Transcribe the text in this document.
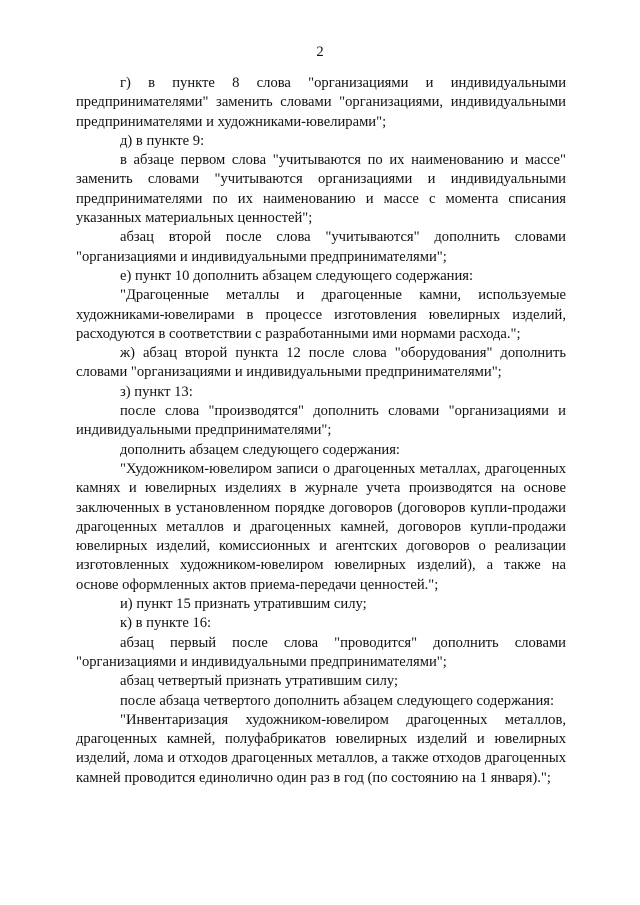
2

г) в пункте 8 слова "организациями и индивидуальными предпринимателями" заменить словами "организациями, индивидуальными предпринимателями и художниками-ювелирами";

д) в пункте 9:

в абзаце первом слова "учитываются по их наименованию и массе" заменить словами "учитываются организациями и индивидуальными предпринимателями по их наименованию и массе с момента списания указанных материальных ценностей";

абзац второй после слова "учитываются" дополнить словами "организациями и индивидуальными предпринимателями";

е) пункт 10 дополнить абзацем следующего содержания:

"Драгоценные металлы и драгоценные камни, используемые художниками-ювелирами в процессе изготовления ювелирных изделий, расходуются в соответствии с разработанными ими нормами расхода.";

ж) абзац второй пункта 12 после слова "оборудования" дополнить словами "организациями и индивидуальными предпринимателями";

з) пункт 13:

после слова "производятся" дополнить словами "организациями и индивидуальными предпринимателями";

дополнить абзацем следующего содержания:

"Художником-ювелиром записи о драгоценных металлах, драгоценных камнях и ювелирных изделиях в журнале учета производятся на основе заключенных в установленном порядке договоров (договоров купли-продажи драгоценных металлов и драгоценных камней, договоров купли-продажи ювелирных изделий, комиссионных и агентских договоров о реализации изготовленных художником-ювелиром ювелирных изделий), а также на основе оформленных актов приема-передачи ценностей.";

и) пункт 15 признать утратившим силу;

к) в пункте 16:

абзац первый после слова "проводится" дополнить словами "организациями и индивидуальными предпринимателями";

абзац четвертый признать утратившим силу;

после абзаца четвертого дополнить абзацем следующего содержания:

"Инвентаризация художником-ювелиром драгоценных металлов, драгоценных камней, полуфабрикатов ювелирных изделий и ювелирных изделий, лома и отходов драгоценных металлов, а также отходов драгоценных камней проводится единолично один раз в год (по состоянию на 1 января).";
